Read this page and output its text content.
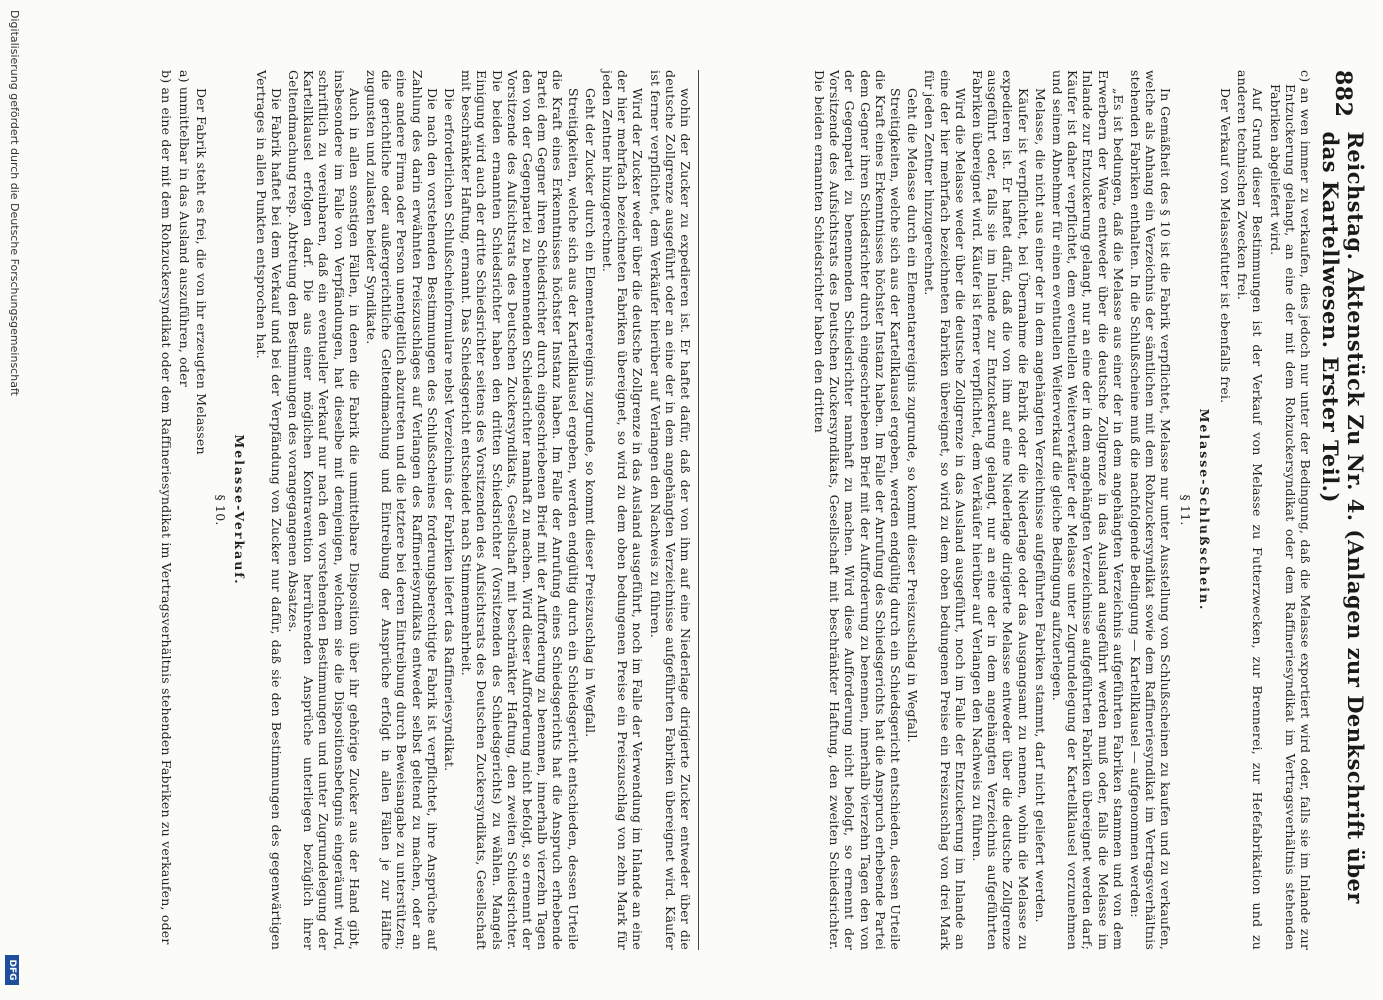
882
Reichstag. Aktenstück Zu Nr. 4. (Anlagen zur Denkschrift über das Kartellwesen. Erster Teil.)
wohin der Zucker zu expedieren ist. Er haftet dafür, daß der von ihm auf eine Niederlage dirigierte Zucker entweder über die deutsche Zollgrenze ausgeführt oder an eine der in dem angehängten Verzeichnisse aufgeführten Fabriken übereignet wird. Käufer ist ferner verpflichtet, dem Verkäufer hierüber auf Verlangen den Nachweis zu führen.
Wird der Zucker weder über die deutsche Zollgrenze in das Ausland ausgeführt, noch im Falle der Verwendung im Inlande an eine der hier mehrfach bezeichneten Fabriken übereignet, so wird zu dem oben bedungenen Preise ein Preiszuschlag von zehn Mark für jeden Zentner hinzugerechnet.
Geht der Zucker durch ein Elementarereignis zugrunde, so kommt dieser Preiszuschlag in Wegfall.
Streitigkeiten, welche sich aus der Kartellklausel ergeben, werden endgültig durch ein Schiedsgericht entschieden, dessen Urteile die Kraft eines Erkenntnisses höchster Instanz haben. Im Falle der Anrufung eines Schiedsgerichts hat die Anspruch erhebende Partei dem Gegner ihren Schiedsrichter durch eingeschriebenen Brief mit der Aufforderung zu benennen, innerhalb vierzehn Tagen den von der Gegenpartei zu benennenden Schiedsrichter namhaft zu machen. Wird dieser Aufforderung nicht befolgt, so ernennt der Vorsitzende des Aufsichtsrats des Deutschen Zuckersyndikats, Gesellschaft mit beschränkter Haftung, den zweiten Schiedsrichter. Die beiden ernannten Schiedsrichter haben den dritten Schiedsrichter (Vorsitzenden des Schiedsgerichts) zu wählen. Mangels Einigung wird auch der dritte Schiedsrichter seitens des Vorsitzenden des Aufsichtsrats des Deutschen Zuckersyndikats, Gesellschaft mit beschränkter Haftung, ernannt. Das Schiedsgericht entscheidet nach Stimmenmehrheit.
Die erforderlichen Schlußscheinformulare nebst Verzeichnis der Fabriken liefert das Raffineriesyndikat.
Die nach den vorstehenden Bestimmungen des Schlußscheines forderungsberechtigte Fabrik ist verpflichtet, ihre Ansprüche auf Zahlung des darin erwähnten Preiszuschlages auf Verlangen des Raffineriesyndikats entweder selbst geltend zu machen, oder an eine andere Firma oder Person unentgeltlich abzutreten und die letztere bei deren Eintreibung durch Beweisangabe zu unterstützen; die gerichtliche oder außergerichtliche Geltendmachung und Eintreibung der Ansprüche erfolgt in allen Fällen je zur Hälfte zugunsten und zulasten beider Syndikate.
Auch in allen sonstigen Fällen, in denen die Fabrik die unmittelbare Disposition über ihr gehörige Zucker aus der Hand gibt, insbesondere im Falle von Verpfändungen, hat dieselbe mit demjenigen, welchem sie die Dispositionsbefugnis eingeräumt wird, schriftlich zu vereinbaren, daß ein eventueller Verkauf nur nach den vorstehenden Bestimmungen und unter Zugrundelegung der Kartellklausel erfolgen darf. Die aus einer möglichen Kontravention herrührenden Ansprüche unterliegen bezüglich ihrer Geltendmachung resp. Abtretung den Bestimmungen des vorangegangenen Absatzes.
Die Fabrik haftet bei dem Verkauf und bei der Verpfändung von Zucker nur dafür, daß sie den Bestimmungen des gegenwärtigen Vertrages in allen Punkten entsprochen hat.
Melasse-Verkauf.
§ 10.
Der Fabrik steht es frei, die von ihr erzeugten Melassen
a) unmittelbar in das Ausland auszuführen, oder
b) an eine der mit dem Rohzuckersyndikat oder dem Raffineriesyndikat im Vertragsverhältnis stehenden Fabriken zu verkaufen, oder	c) an wen immer zu verkaufen, dies jedoch nur unter der Bedingung, daß die Melasse exportiert wird oder, falls sie im Inlande zur Entzuckerung gelangt, an eine der mit dem Rohzuckersyndikat oder dem Raffineriesyndikat im Vertragsverhältnis stehenden Fabriken abgeliefert wird.
Auf Grund dieser Bestimmungen ist der Verkauf von Melasse zu Futterzwecken, zur Brennerei, zur Hefefabrikation und zu anderen technischen Zwecken frei.
Der Verkauf von Melassefutter ist ebenfalls frei.
Melasse-Schlußschein.
§ 11.
In Gemäßheit des § 10 ist die Fabrik verpflichtet, Melasse nur unter Ausstellung von Schlußscheinen zu kaufen und zu verkaufen, welche als Anhang ein Verzeichnis der sämtlichen mit dem Rohzuckersyndikat sowie dem Raffineriesyndikat im Vertragsverhältnis stehenden Fabriken enthalten. In die Schlußscheine muß die nachfolgende Bedingung — Kartellklausel — aufgenommen werden:
„Es ist bedungen, daß die Melasse aus einer der in dem angehängten Verzeichnis aufgeführten Fabriken stammen und von dem Erwerbern der Ware entweder über die deutsche Zollgrenze in das Ausland ausgeführt werden muß oder, falls die Melasse im Inlande zur Entzuckerung gelangt, nur an eine der in dem angehängten Verzeichnisse aufgeführten Fabriken übereignet werden darf; Käufer ist daher verpflichtet, dem eventuellen Weiterverkäufer der Melasse unter Zugrundelegung der Kartellklausel vorzunehmen und seinem Abnehmer für einen eventuellen Weiterverkauf die gleiche Bedingung aufzuerlegen.
Melasse, die nicht aus einer der in dem angehängten Verzeichnisse aufgeführten Fabriken stammt, darf nicht geliefert werden.
Käufer ist verpflichtet, bei Übernahme die Fabrik oder die Niederlage oder das Ausgangsamt zu nennen, wohin die Melasse zu expedieren ist. Er haftet dafür, daß die von ihm auf eine Niederlage dirigierte Melasse entweder über die deutsche Zollgrenze ausgeführt oder, falls sie im Inlande zur Entzuckerung gelangt, nur an eine der in dem angehängten Verzeichnis aufgeführten Fabriken übereignet wird. Käufer ist ferner verpflichtet, dem Verkäufer hierüber auf Verlangen den Nachweis zu führen.
Wird die Melasse weder über die deutsche Zollgrenze in das Ausland ausgeführt, noch im Falle der Entzuckerung im Inlande an eine der hier mehrfach bezeichneten Fabriken übereignet, so wird zu dem oben bedungenen Preise ein Preiszuschlag von drei Mark für jeden Zentner hinzugerechnet.
Geht die Melasse durch ein Elementarereignis zugrunde, so kommt dieser Preiszuschlag in Wegfall.
Streitigkeiten, welche sich aus der Kartellklausel ergeben, werden endgültig durch ein Schiedsgericht entschieden, dessen Urteile die Kraft eines Erkenntnisses höchster Instanz haben. Im Falle der Anrufung des Schiedsgerichts hat die Anspruch erhebende Partei dem Gegner ihren Schiedsrichter durch eingeschriebenen Brief mit der Aufforderung zu benennen, innerhalb vierzehn Tagen den von der Gegenpartei zu benennenden Schiedsrichter namhaft zu machen. Wird diese Aufforderung nicht befolgt, so ernennt der Vorsitzende des Aufsichtsrats des Deutschen Zuckersyndikats, Gesellschaft mit beschränkter Haftung, den zweiten Schiedsrichter. Die beiden ernannten Schiedsrichter haben den dritten
Digitalisierung gefördert durch die Deutsche Forschungsgemeinschaft
DFG
